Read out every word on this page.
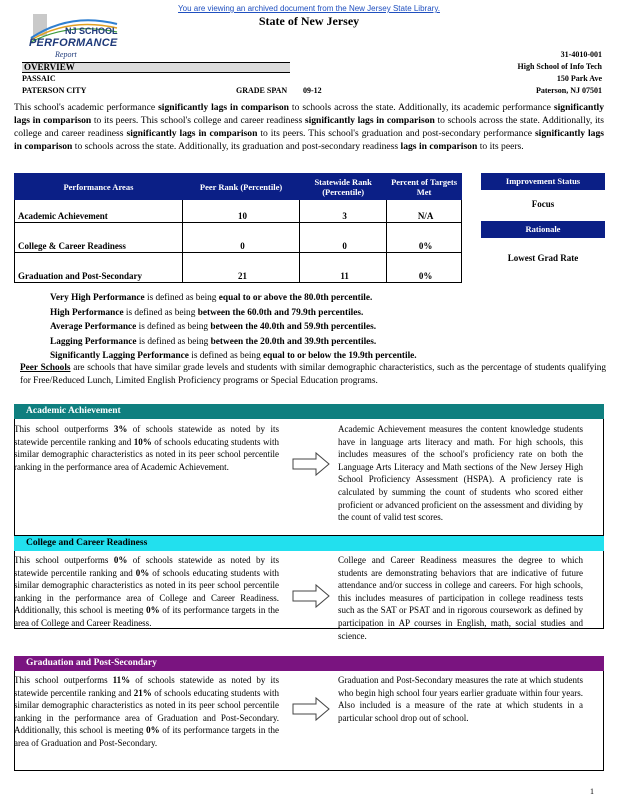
You are viewing an archived document from the New Jersey State Library.
State of New Jersey
NJ SCHOOL
PERFORMANCE
Report
OVERVIEW
PASSAIC
PATERSON CITY	GRADE SPAN 09-12
31-4010-001
High School of Info Tech
150 Park Ave
Paterson, NJ 07501
This school's academic performance significantly lags in comparison to schools across the state. Additionally, its academic performance significantly lags in comparison to its peers. This school's college and career readiness significantly lags in comparison to schools across the state. Additionally, its college and career readiness significantly lags in comparison to its peers. This school's graduation and post-secondary performance significantly lags in comparison to schools across the state. Additionally, its graduation and post-secondary readiness lags in comparison to its peers.
Performance Areas	Peer Rank (Percentile)	Statewide Rank (Percentile)	Percent of Targets Met
Academic Achievement	10	3	N/A
College & Career Readiness	0	0	0%
Graduation and Post-Secondary	21	11	0%
Improvement Status
Focus
Rationale
Lowest Grad Rate
Very High Performance is defined as being equal to or above the 80.0th percentile.
High Performance is defined as being between the 60.0th and 79.9th percentiles.
Average Performance is defined as being between the 40.0th and 59.9th percentiles.
Lagging Performance is defined as being between the 20.0th and 39.9th percentiles.
Significantly Lagging Performance is defined as being equal to or below the 19.9th percentile.
Peer Schools are schools that have similar grade levels and students with similar demographic characteristics, such as the percentage of students qualifying for Free/Reduced Lunch, Limited English Proficiency programs or Special Education programs.
Academic Achievement
This school outperforms 3% of schools statewide as noted by its statewide percentile ranking and 10% of schools educating students with similar demographic characteristics as noted in its peer school percentile ranking in the performance area of Academic Achievement.
Academic Achievement measures the content knowledge students have in language arts literacy and math. For high schools, this includes measures of the school's proficiency rate on both the Language Arts Literacy and Math sections of the New Jersey High School Proficiency Assessment (HSPA). A proficiency rate is calculated by summing the count of students who scored either proficient or advanced proficient on the assessment and dividing by the count of valid test scores.
College and Career Readiness
This school outperforms 0% of schools statewide as noted by its statewide percentile ranking and 0% of schools educating students with similar demographic characteristics as noted in its peer school percentile ranking in the performance area of College and Career Readiness. Additionally, this school is meeting 0% of its performance targets in the area of College and Career Readiness.
College and Career Readiness measures the degree to which students are demonstrating behaviors that are indicative of future attendance and/or success in college and careers. For high schools, this includes measures of participation in college readiness tests such as the SAT or PSAT and in rigorous coursework as defined by participation in AP courses in English, math, social studies and science.
Graduation and Post-Secondary
This school outperforms 11% of schools statewide as noted by its statewide percentile ranking and 21% of schools educating students with similar demographic characteristics as noted in its peer school percentile ranking in the performance area of Graduation and Post-Secondary. Additionally, this school is meeting 0% of its performance targets in the area of Graduation and Post-Secondary.
Graduation and Post-Secondary measures the rate at which students who begin high school four years earlier graduate within four years. Also included is a measure of the rate at which students in a particular school drop out of school.
1
